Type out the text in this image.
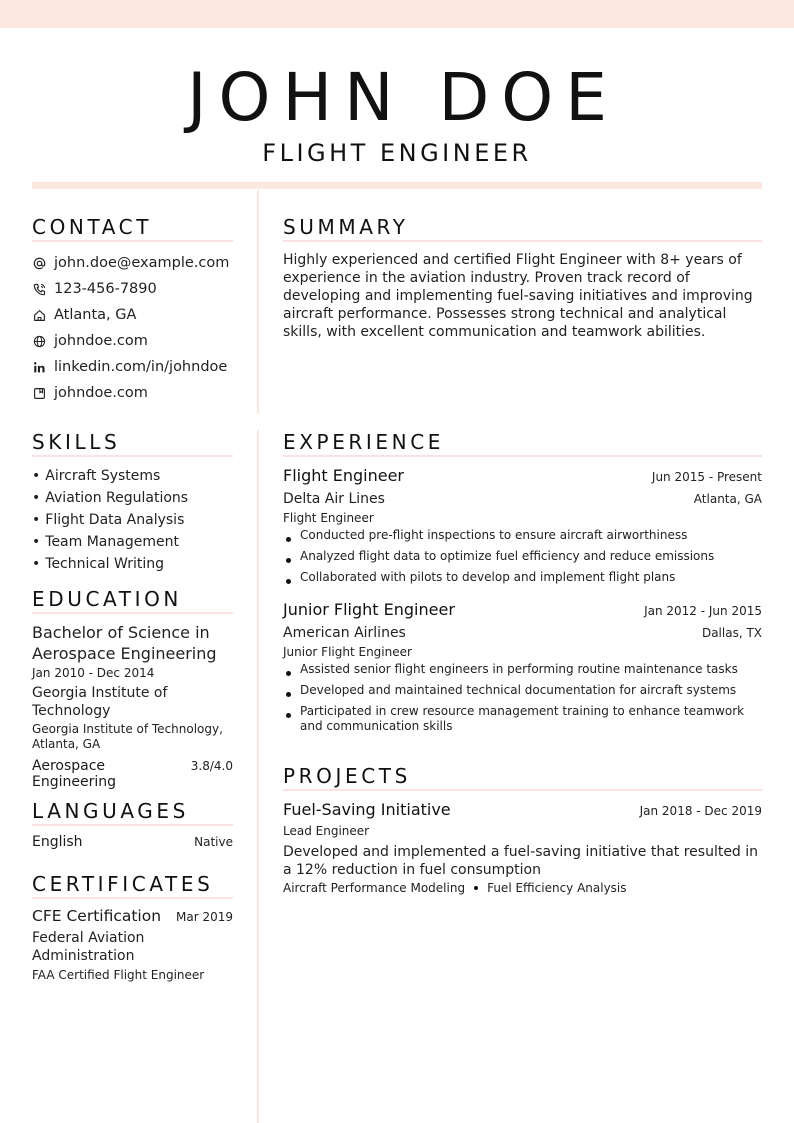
JOHN DOE
FLIGHT ENGINEER
CONTACT
john.doe@example.com
123-456-7890
Atlanta, GA
johndoe.com
linkedin.com/in/johndoe
johndoe.com
SUMMARY
Highly experienced and certified Flight Engineer with 8+ years of experience in the aviation industry. Proven track record of developing and implementing fuel-saving initiatives and improving aircraft performance. Possesses strong technical and analytical skills, with excellent communication and teamwork abilities.
SKILLS
• Aircraft Systems
• Aviation Regulations
• Flight Data Analysis
• Team Management
• Technical Writing
EDUCATION
Bachelor of Science in Aerospace Engineering
Jan 2010 - Dec 2014
Georgia Institute of Technology
Georgia Institute of Technology, Atlanta, GA
Aerospace Engineering
3.8/4.0
LANGUAGES
English	Native
CERTIFICATES
CFE Certification Mar 2019
Federal Aviation Administration
FAA Certified Flight Engineer
EXPERIENCE
Flight Engineer	Jun 2015 - Present
Delta Air Lines	Atlanta, GA
Flight Engineer
Conducted pre-flight inspections to ensure aircraft airworthiness
Analyzed flight data to optimize fuel efficiency and reduce emissions
Collaborated with pilots to develop and implement flight plans
Junior Flight Engineer	Jan 2012 - Jun 2015
American Airlines	Dallas, TX
Junior Flight Engineer
Assisted senior flight engineers in performing routine maintenance tasks
Developed and maintained technical documentation for aircraft systems
Participated in crew resource management training to enhance teamwork and communication skills
PROJECTS
Fuel-Saving Initiative	Jan 2018 - Dec 2019
Lead Engineer
Developed and implemented a fuel-saving initiative that resulted in a 12% reduction in fuel consumption
Aircraft Performance Modeling Fuel Efficiency Analysis
